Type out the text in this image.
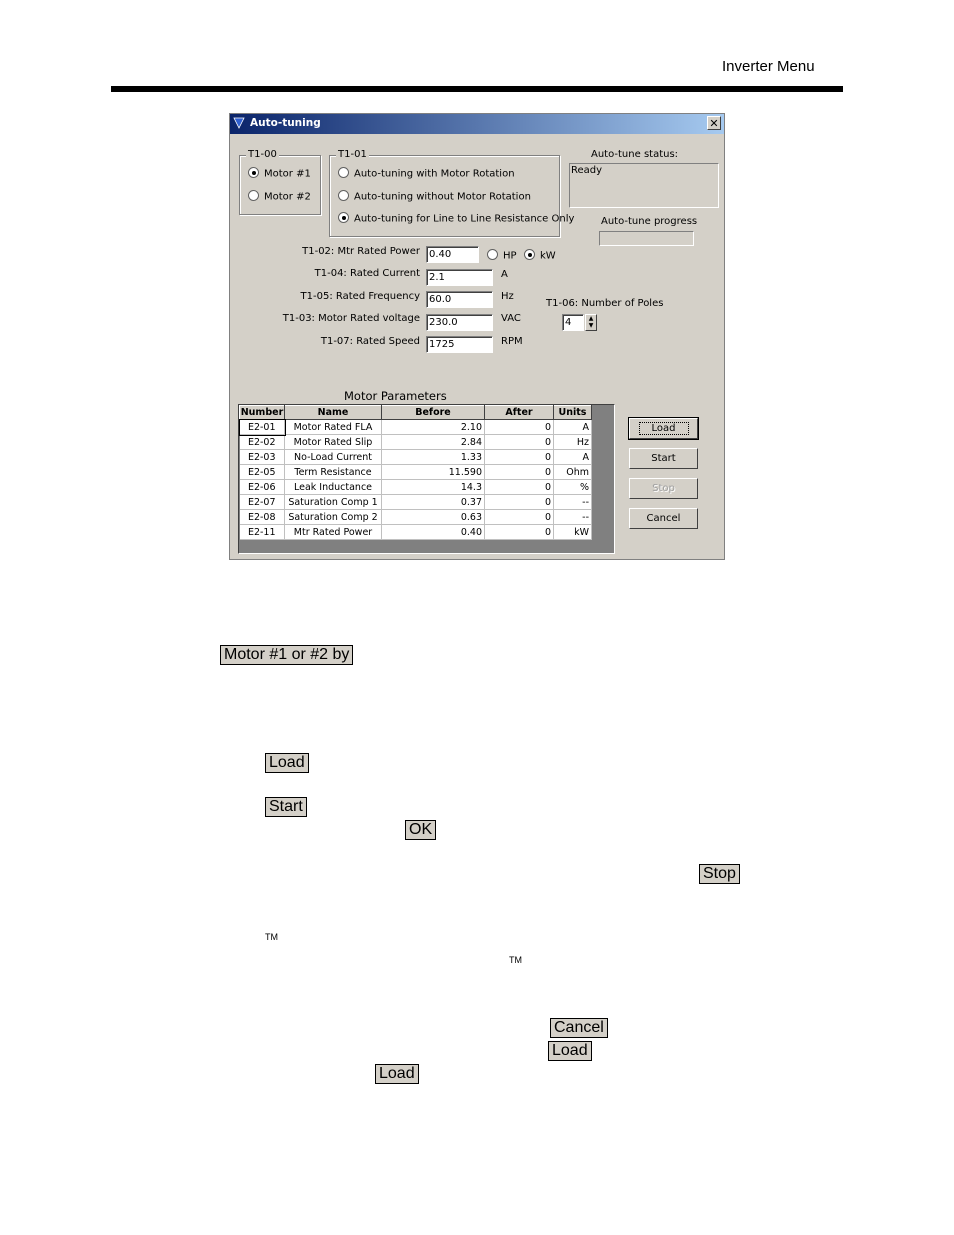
Inverter Menu
Auto-tuning	✕
T1-00
Motor #1
Motor #2
T1-01
Auto-tuning with Motor Rotation
Auto-tuning without Motor Rotation
Auto-tuning for Line to Line Resistance Only
Auto-tune status:
Ready
Auto-tune progress
T1-02: Mtr Rated Power 0.40	HP	kW
T1-04: Rated Current 2.1	A
T1-05: Rated Frequency 60.0	Hz
T1-03: Motor Rated voltage 230.0	VAC
T1-07: Rated Speed 1725	RPM
T1-06: Number of Poles
4	▲
▼
Motor Parameters
Number	Name	Before	After	Units
E2-01	Motor Rated FLA	2.10	0	A
E2-02	Motor Rated Slip	2.84	0	Hz
E2-03	No-Load Current	1.33	0	A
E2-05	Term Resistance	11.590	0	Ohm
E2-06	Leak Inductance	14.3	0	%
E2-07	Saturation Comp 1	0.37	0	--
E2-08	Saturation Comp 2	0.63	0	--
E2-11	Mtr Rated Power	0.40	0	kW
Load
Start
Stop
Cancel
Motor #1 or #2 by
Load
Start
OK
Stop
TM
TM
Cancel
Load
Load
